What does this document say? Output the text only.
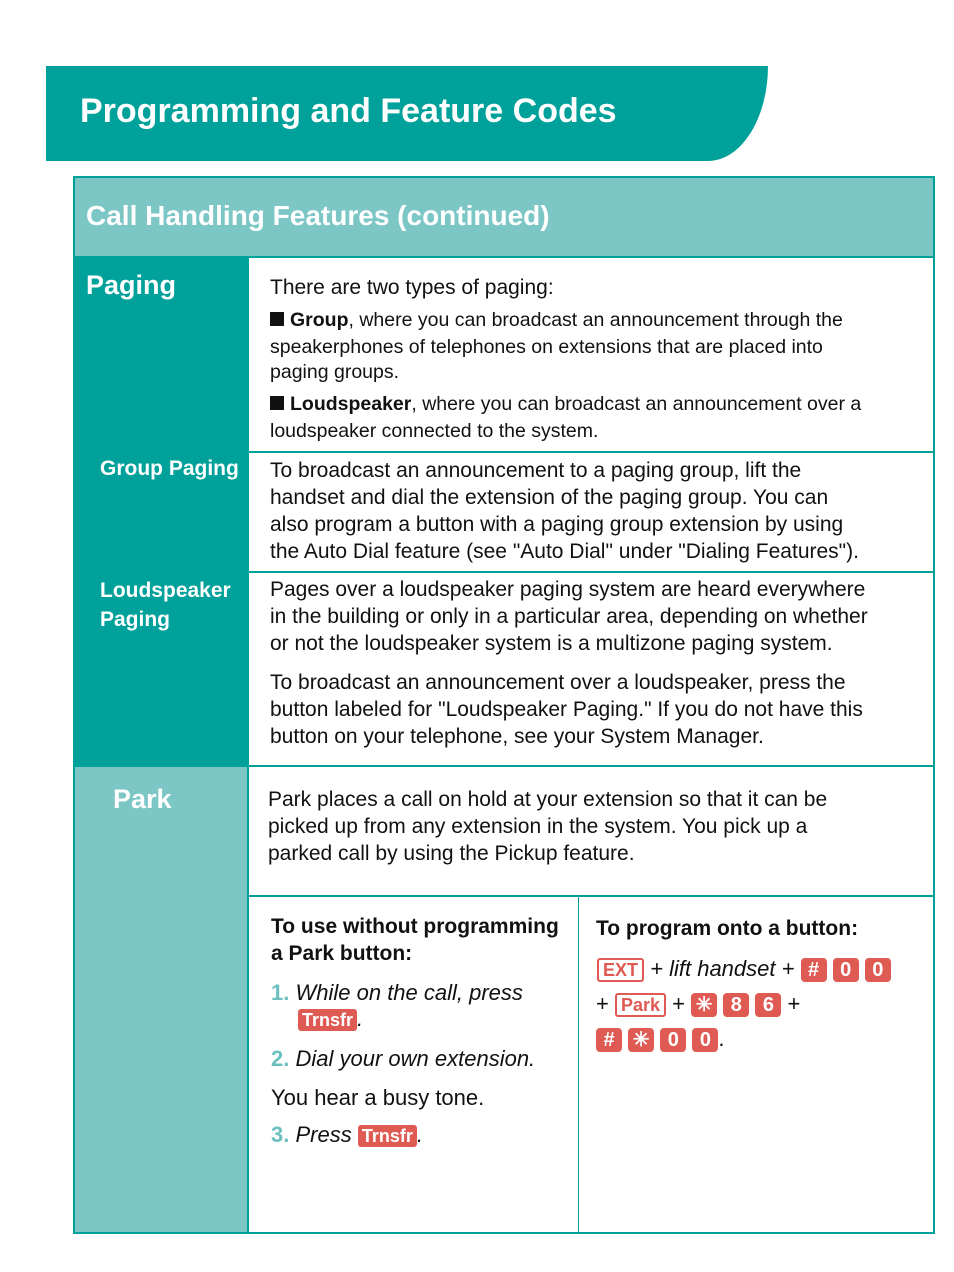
Programming and Feature Codes
Call Handling Features (continued)
Paging
Group Paging
Loudspeaker
Paging
Park
There are two types of paging:
Group, where you can broadcast an announcement through the
speakerphones of telephones on extensions that are placed into
paging groups.
Loudspeaker, where you can broadcast an announcement over a
loudspeaker connected to the system.
To broadcast an announcement to a paging group, lift the
handset and dial the extension of the paging group. You can
also program a button with a paging group extension by using
the Auto Dial feature (see "Auto Dial" under "Dialing Features").
Pages over a loudspeaker paging system are heard everywhere
in the building or only in a particular area, depending on whether
or not the loudspeaker system is a multizone paging system.
To broadcast an announcement over a loudspeaker, press the
button labeled for "Loudspeaker Paging." If you do not have this
button on your telephone, see your System Manager.
Park places a call on hold at your extension so that it can be
picked up from any extension in the system. You pick up a
parked call by using the Pickup feature.
To use without programming
a Park button:
1. While on the call, press
Trnsfr .
2. Dial your own extension.
You hear a busy tone.
3. Press Trnsfr .
To program onto a button:
EXT + lift handset + # 0 0
+ Park + ✳ 8 6 +
# ✳ 0 0 .
